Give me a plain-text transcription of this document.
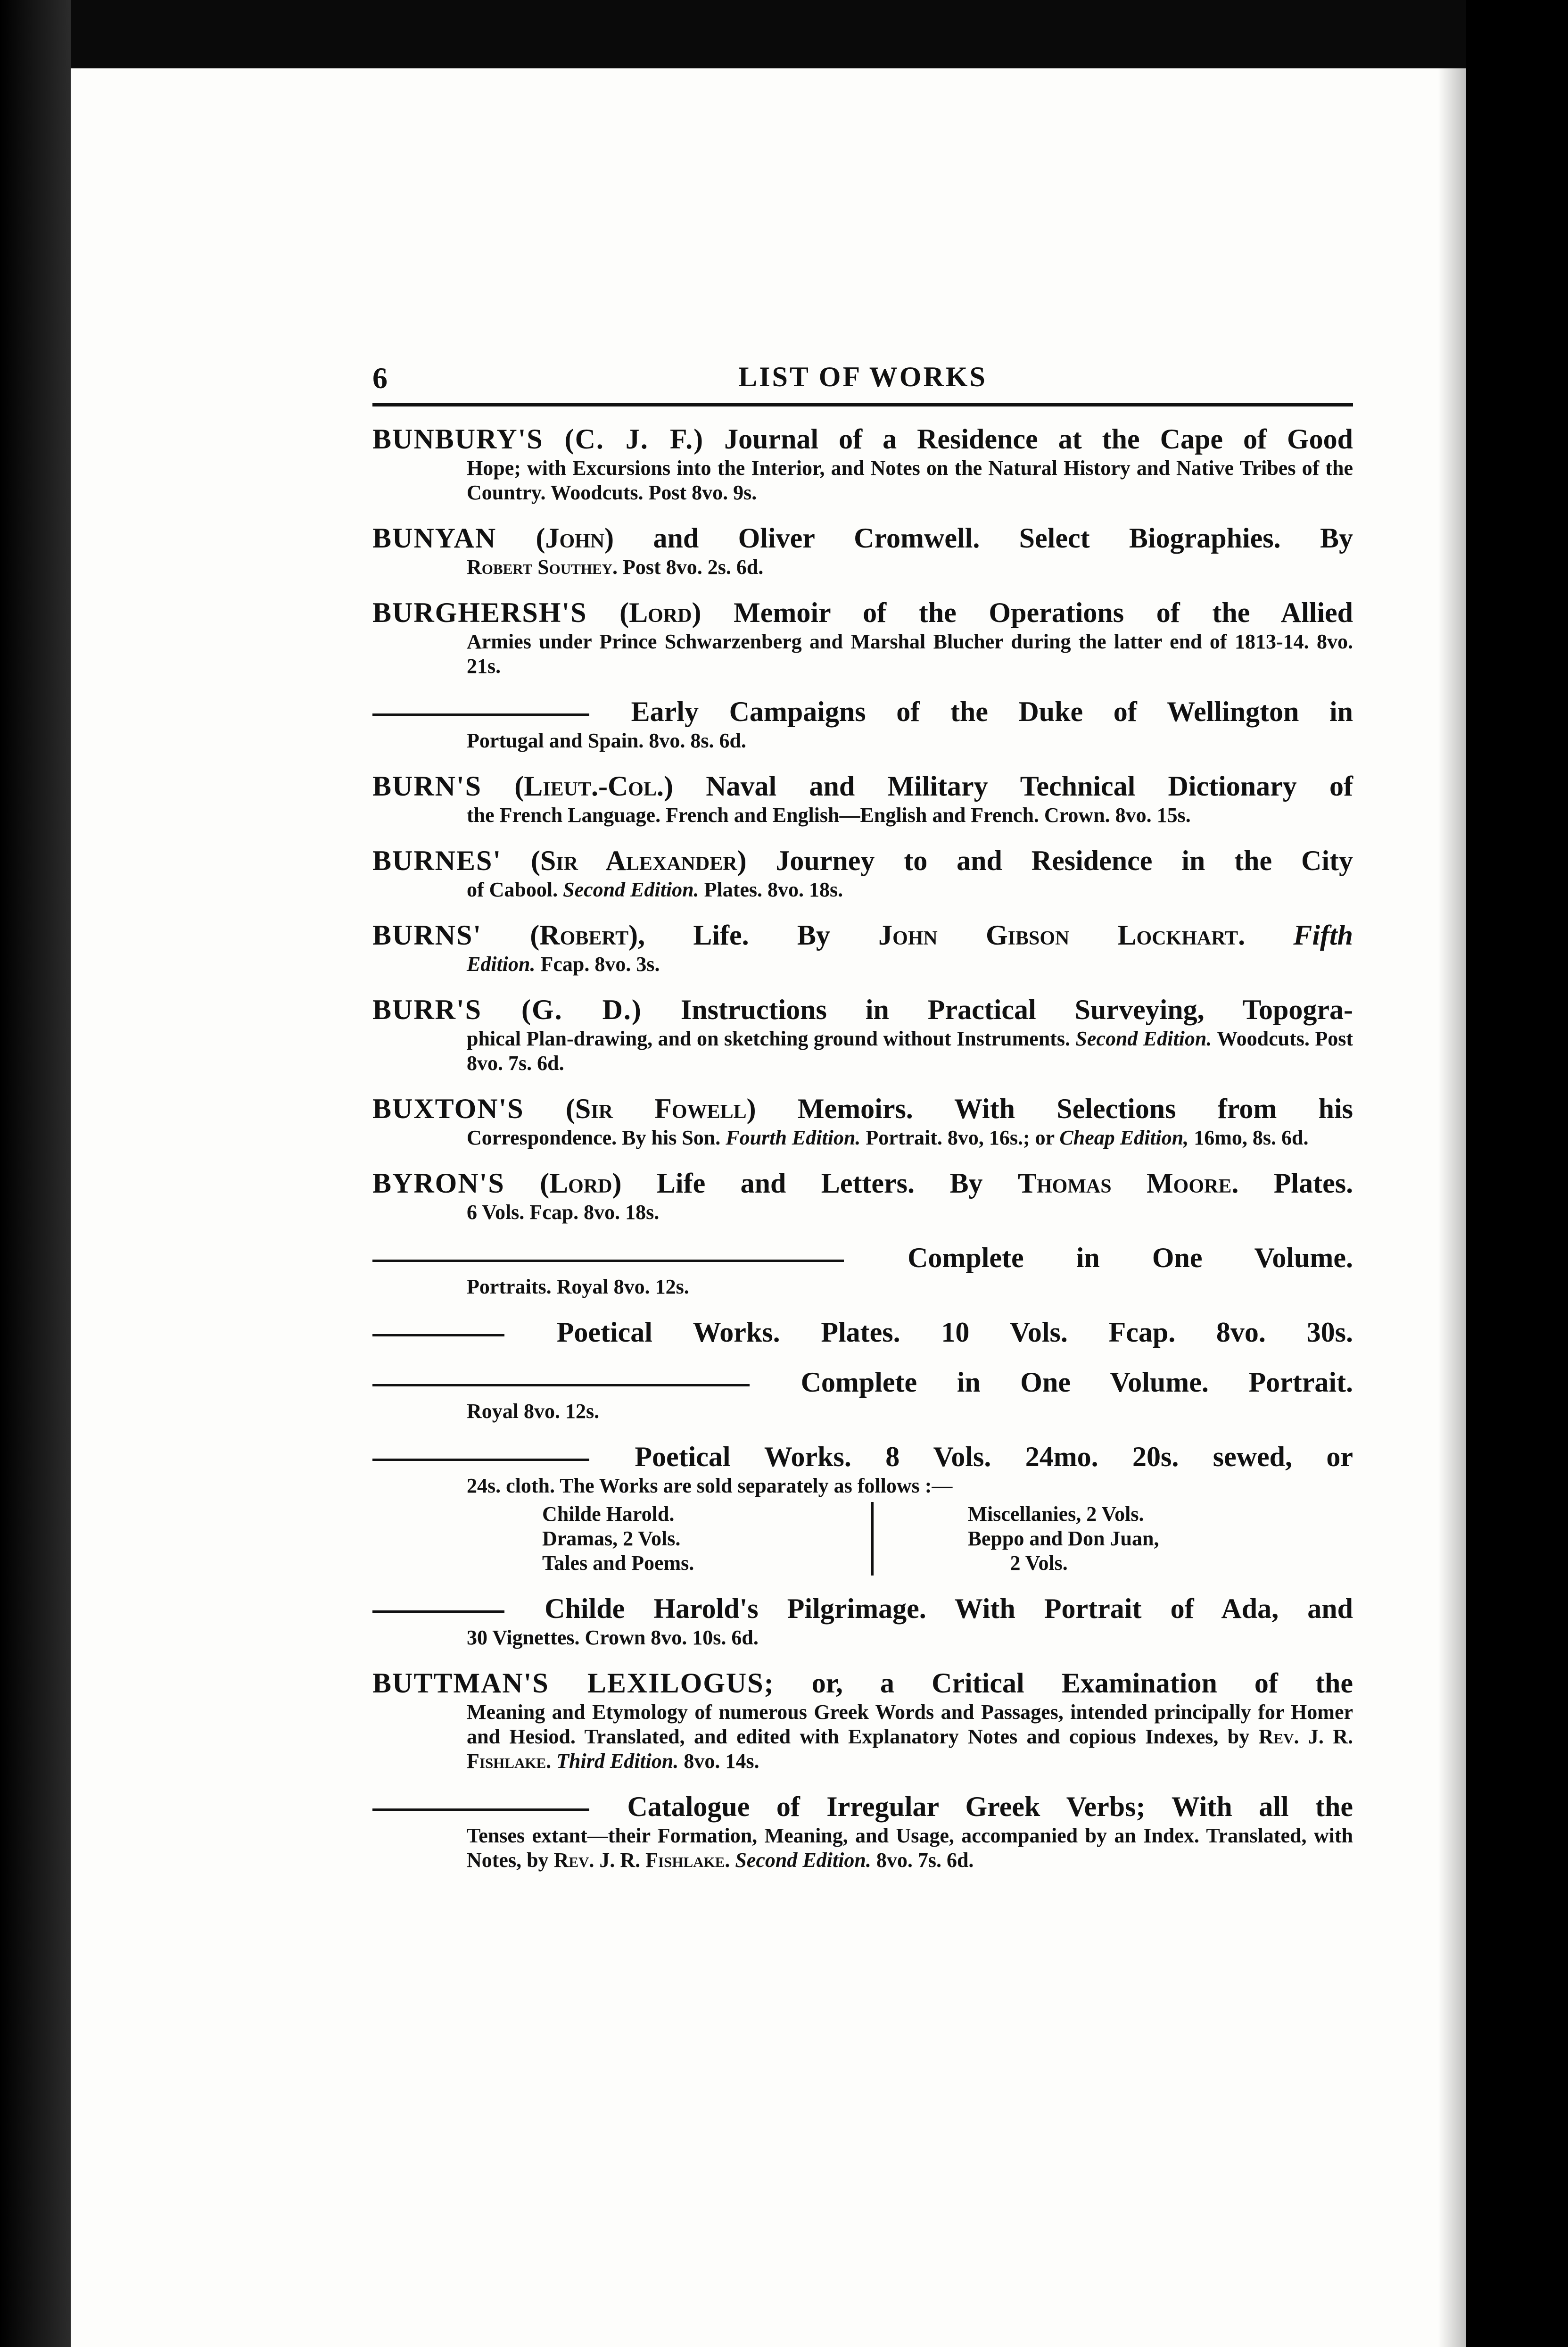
6	LIST OF WORKS
BUNBURY'S (C. J. F.) Journal of a Residence at the Cape of Good
Hope; with Excursions into the Interior, and Notes on the Natural History and Native Tribes of the Country. Woodcuts. Post 8vo. 9s.
BUNYAN (John) and Oliver Cromwell. Select Biographies. By
Robert Southey. Post 8vo. 2s. 6d.
BURGHERSH'S (Lord) Memoir of the Operations of the Allied
Armies under Prince Schwarzenberg and Marshal Blucher during the latter end of 1813-14. 8vo. 21s.
Early Campaigns of the Duke of Wellington in
Portugal and Spain. 8vo. 8s. 6d.
BURN'S (Lieut.-Col.) Naval and Military Technical Dictionary of
the French Language. French and English—English and French. Crown. 8vo. 15s.
BURNES' (Sir Alexander) Journey to and Residence in the City
of Cabool. Second Edition. Plates. 8vo. 18s.
BURNS' (Robert), Life. By John Gibson Lockhart. Fifth
Edition. Fcap. 8vo. 3s.
BURR'S (G. D.) Instructions in Practical Surveying, Topogra-
phical Plan-drawing, and on sketching ground without Instruments. Second Edition. Woodcuts. Post 8vo. 7s. 6d.
BUXTON'S (Sir Fowell) Memoirs. With Selections from his
Correspondence. By his Son. Fourth Edition. Portrait. 8vo, 16s.; or Cheap Edition, 16mo, 8s. 6d.
BYRON'S (Lord) Life and Letters. By Thomas Moore. Plates.
6 Vols. Fcap. 8vo. 18s.
Complete in One Volume.
Portraits. Royal 8vo. 12s.
Poetical Works. Plates. 10 Vols. Fcap. 8vo. 30s.
Complete in One Volume. Portrait.
Royal 8vo. 12s.
Poetical Works. 8 Vols. 24mo. 20s. sewed, or
24s. cloth. The Works are sold separately as follows :—
Childe Harold.
Dramas, 2 Vols.
Tales and Poems.
Miscellanies, 2 Vols.
Beppo and Don Juan,
2 Vols.
Childe Harold's Pilgrimage. With Portrait of Ada, and
30 Vignettes. Crown 8vo. 10s. 6d.
BUTTMAN'S LEXILOGUS; or, a Critical Examination of the
Meaning and Etymology of numerous Greek Words and Passages, intended principally for Homer and Hesiod. Translated, and edited with Explanatory Notes and copious Indexes, by Rev. J. R. Fishlake. Third Edition. 8vo. 14s.
Catalogue of Irregular Greek Verbs; With all the
Tenses extant—their Formation, Meaning, and Usage, accompanied by an Index. Translated, with Notes, by Rev. J. R. Fishlake. Second Edition. 8vo. 7s. 6d.
